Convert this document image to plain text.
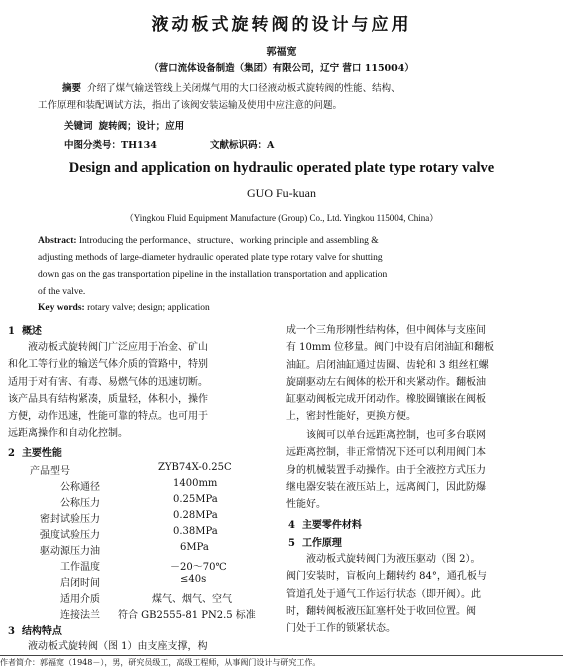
液动板式旋转阀的设计与应用
郭福宽
（营口流体设备制造（集团）有限公司，辽宁 营口 115004）
摘要 介绍了煤气输送管线上关闭煤气用的大口径液动板式旋转阀的性能、结构、
工作原理和装配调试方法，指出了该阀安装运输及使用中应注意的问题。
关键词 旋转阀；设计；应用
中图分类号：TH134	文献标识码：A
Design and application on hydraulic operated plate type rotary valve
GUO Fu-kuan
（Yingkou Fluid Equipment Manufacture (Group) Co., Ltd. Yingkou 115004, China）
Abstract: Introducing the performance、structure、working principle and assembling &
adjusting methods of large-diameter hydraulic operated plate type rotary valve for shutting
down gas on the gas transportation pipeline in the installation transportation and application
of the valve.
Key words: rotary valve; design; application
1 概述
液动板式旋转阀门广泛应用于冶金、矿山
和化工等行业的输送气体介质的管路中，特别
适用于对有害、有毒、易燃气体的迅速切断。
该产品具有结构紧凑，质量轻，体积小，操作
方便，动作迅速，性能可靠的特点。也可用于
远距离操作和自动化控制。
2 主要性能
产品型号	ZYB74X-0.25C
公称通径	1400mm
公称压力	0.25MPa
密封试验压力	0.28MPa
强度试验压力	0.38MPa
驱动源压力油	6MPa
工作温度	－20～70℃
启闭时间	≤40s
适用介质	煤气、烟气、空气
连接法兰 符合 GB2555-81 PN2.5 标准
3 结构特点
液动板式旋转阀（图 1）由支座支撑，构
成一个三角形刚性结构体，但中阀体与支座间
有 10mm 位移量。阀门中设有启闭油缸和翻板
油缸。启闭油缸通过齿圈、齿轮和 3 组丝杠螺
旋副驱动左右阀体的松开和夹紧动作。翻板油
缸驱动阀板完成开闭动作。橡胶圈镶嵌在阀板
上，密封性能好，更换方便。
该阀可以单台远距离控制，也可多台联网
远距离控制，非正常情况下还可以利用阀门本
身的机械装置手动操作。由于全液控方式压力
继电器安装在液压站上，远离阀门，因此防爆
性能好。
4 主要零件材料
5 工作原理
液动板式旋转阀门为液压驱动（图 2）。
阀门安装时，盲板向上翻转约 84°，通孔板与
管道孔处于通气工作运行状态（即开阀）。此
时，翻转阀板液压缸塞杆处于收回位置。阀
门处于工作的锁紧状态。
作者简介：郭福宽（1948－），男，研究员级工，高级工程师，从事阀门设计与研究工作。
